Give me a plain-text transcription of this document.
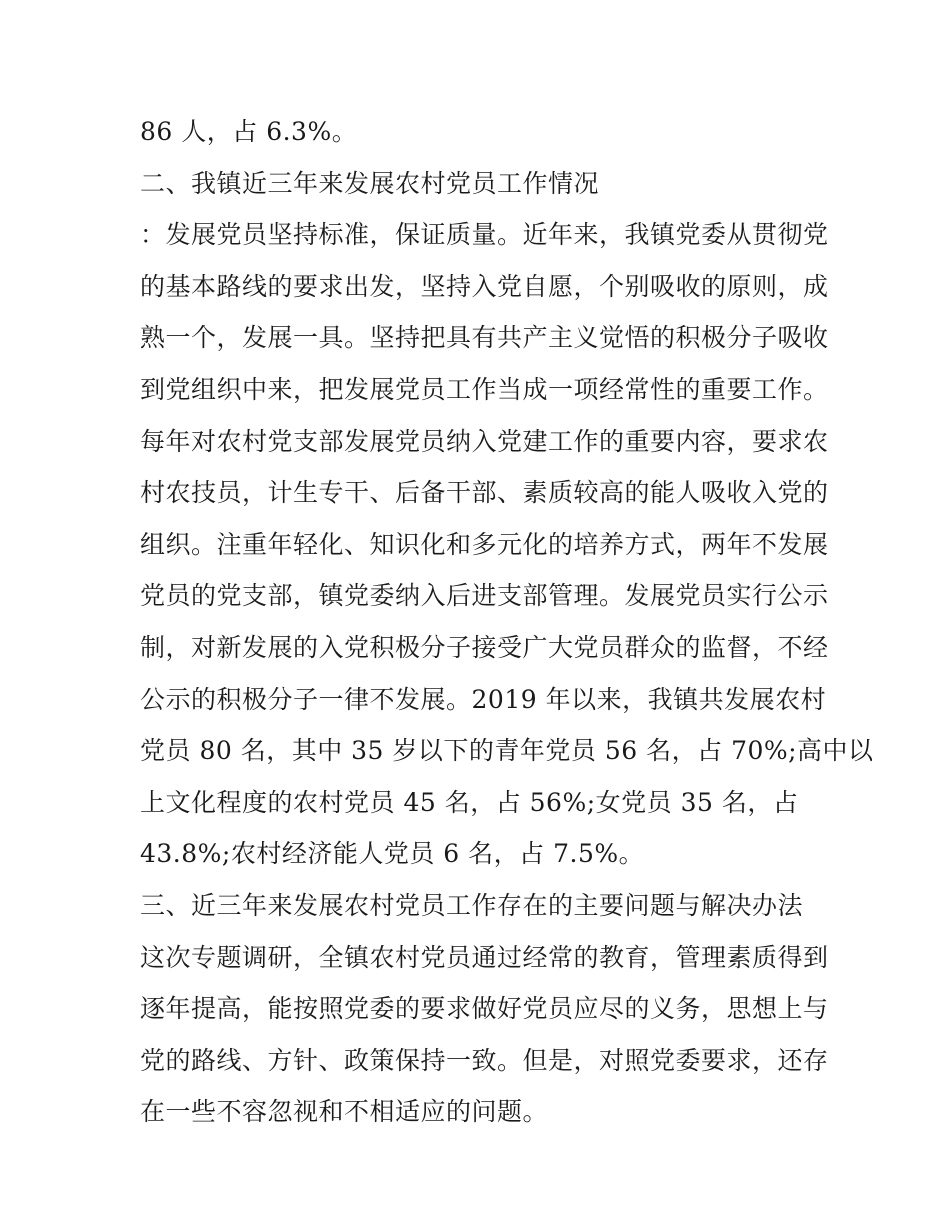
86 人，占 6.3%。

二、我镇近三年来发展农村党员工作情况

：发展党员坚持标准，保证质量。近年来，我镇党委从贯彻党

的基本路线的要求出发，坚持入党自愿，个别吸收的原则，成

熟一个，发展一具。坚持把具有共产主义觉悟的积极分子吸收

到党组织中来，把发展党员工作当成一项经常性的重要工作。

每年对农村党支部发展党员纳入党建工作的重要内容，要求农

村农技员，计生专干、后备干部、素质较高的能人吸收入党的

组织。注重年轻化、知识化和多元化的培养方式，两年不发展

党员的党支部，镇党委纳入后进支部管理。发展党员实行公示

制，对新发展的入党积极分子接受广大党员群众的监督，不经

公示的积极分子一律不发展。2019 年以来，我镇共发展农村

党员 80 名，其中 35 岁以下的青年党员 56 名，占 70%;高中以

上文化程度的农村党员 45 名，占 56%;女党员 35 名，占

43.8%;农村经济能人党员 6 名，占 7.5%。

三、近三年来发展农村党员工作存在的主要问题与解决办法

这次专题调研，全镇农村党员通过经常的教育，管理素质得到

逐年提高，能按照党委的要求做好党员应尽的义务，思想上与

党的路线、方针、政策保持一致。但是，对照党委要求，还存

在一些不容忽视和不相适应的问题。
